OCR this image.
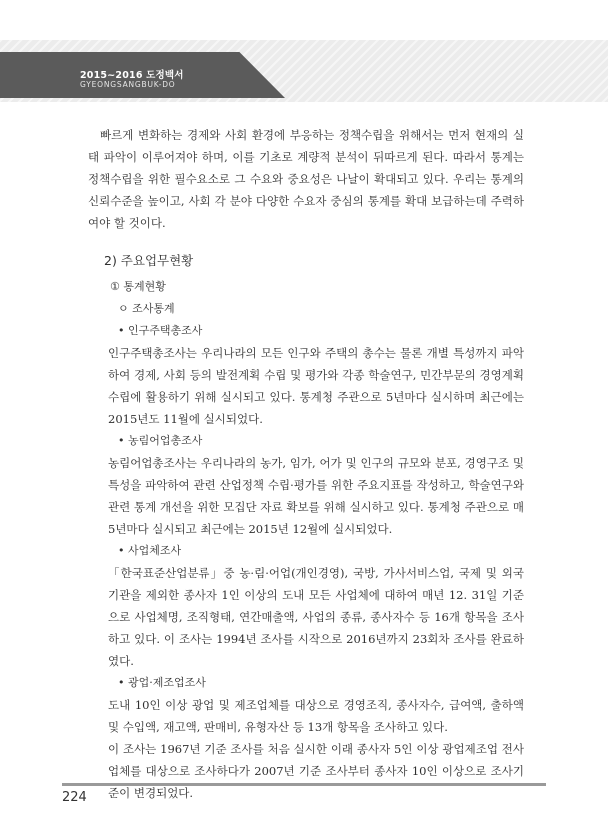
2015~2016 도정백서
GYEONGSANGBUK-DO

빠르게 변화하는 경제와 사회 환경에 부응하는 정책수립을 위해서는 먼저 현재의 실태 파악이 이루어져야 하며, 이를 기초로 계량적 분석이 뒤따르게 된다. 따라서 통계는 정책수립을 위한 필수요소로 그 수요와 중요성은 나날이 확대되고 있다. 우리는 통계의 신뢰수준을 높이고, 사회 각 분야 다양한 수요자 중심의 통계를 확대 보급하는데 주력하여야 할 것이다.

2) 주요업무현황
① 통계현황
ㅇ 조사통계
• 인구주택총조사

인구주택총조사는 우리나라의 모든 인구와 주택의 총수는 물론 개별 특성까지 파악하여 경제, 사회 등의 발전계획 수립 및 평가와 각종 학술연구, 민간부문의 경영계획 수립에 활용하기 위해 실시되고 있다. 통계청 주관으로 5년마다 실시하며 최근에는 2015년도 11월에 실시되었다.

• 농림어업총조사

농림어업총조사는 우리나라의 농가, 임가, 어가 및 인구의 규모와 분포, 경영구조 및 특성을 파악하여 관련 산업정책 수립·평가를 위한 주요지표를 작성하고, 학술연구와 관련 통계 개선을 위한 모집단 자료 확보를 위해 실시하고 있다. 통계청 주관으로 매 5년마다 실시되고 최근에는 2015년 12월에 실시되었다.

• 사업체조사

「한국표준산업분류」중 농·림·어업(개인경영), 국방, 가사서비스업, 국제 및 외국기관을 제외한 종사자 1인 이상의 도내 모든 사업체에 대하여 매년 12. 31일 기준으로 사업체명, 조직형태, 연간매출액, 사업의 종류, 종사자수 등 16개 항목을 조사하고 있다. 이 조사는 1994년 조사를 시작으로 2016년까지 23회차 조사를 완료하였다.

• 광업·제조업조사

도내 10인 이상 광업 및 제조업체를 대상으로 경영조직, 종사자수, 급여액, 출하액 및 수입액, 재고액, 판매비, 유형자산 등 13개 항목을 조사하고 있다.

이 조사는 1967년 기준 조사를 처음 실시한 이래 종사자 5인 이상 광업제조업 전사업체를 대상으로 조사하다가 2007년 기준 조사부터 종사자 10인 이상으로 조사기준이 변경되었다.

224
